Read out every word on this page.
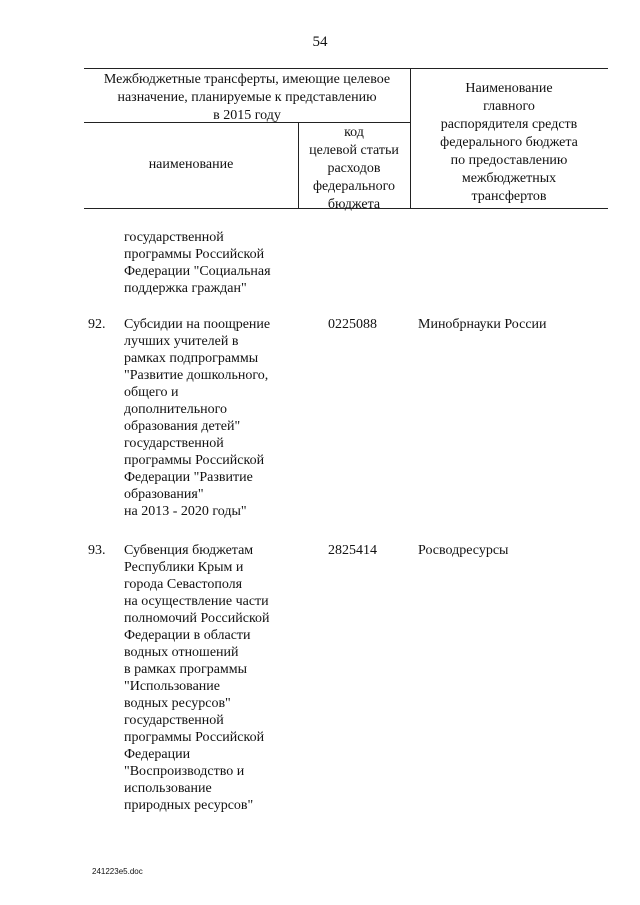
54
Межбюджетные трансферты, имеющие целевое
назначение, планируемые к представлению
в 2015 году
наименование
код
целевой статьи
расходов
федерального
бюджета
Наименование
главного
распорядителя средств
федерального бюджета
по предоставлению
межбюджетных
трансфертов
государственной
программы Российской
Федерации "Социальная
поддержка граждан"
92.	Субсидии на поощрение
лучших учителей в
рамках подпрограммы
"Развитие дошкольного,
общего и
дополнительного
образования детей"
государственной
программы Российской
Федерации "Развитие
образования"
на 2013 - 2020 годы"
0225088	Минобрнауки России
93.	Субвенция бюджетам
Республики Крым и
города Севастополя
на осуществление части
полномочий Российской
Федерации в области
водных отношений
в рамках программы
"Использование
водных ресурсов"
государственной
программы Российской
Федерации
"Воспроизводство и
использование
природных ресурсов"
2825414	Росводресурсы
241223e5.doc
